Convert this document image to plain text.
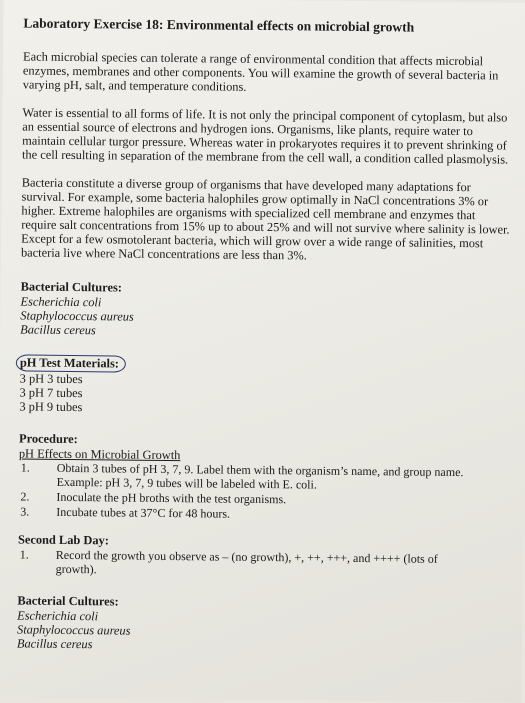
Laboratory Exercise 18: Environmental effects on microbial growth

Each microbial species can tolerate a range of environmental condition that affects microbial enzymes, membranes and other components. You will examine the growth of several bacteria in varying pH, salt, and temperature conditions.

Water is essential to all forms of life. It is not only the principal component of cytoplasm, but also an essential source of electrons and hydrogen ions. Organisms, like plants, require water to maintain cellular turgor pressure. Whereas water in prokaryotes requires it to prevent shrinking of the cell resulting in separation of the membrane from the cell wall, a condition called plasmolysis.

Bacteria constitute a diverse group of organisms that have developed many adaptations for survival. For example, some bacteria halophiles grow optimally in NaCl concentrations 3% or higher. Extreme halophiles are organisms with specialized cell membrane and enzymes that require salt concentrations from 15% up to about 25% and will not survive where salinity is lower. Except for a few osmotolerant bacteria, which will grow over a wide range of salinities, most bacteria live where NaCl concentrations are less than 3%.

Bacterial Cultures:
Escherichia coli
Staphylococcus aureus
Bacillus cereus
pH Test Materials:
3 pH 3 tubes
3 pH 7 tubes
3 pH 9 tubes
Procedure:
pH Effects on Microbial Growth
1.	Obtain 3 tubes of pH 3, 7, 9. Label them with the organism’s name, and group name. Example: pH 3, 7, 9 tubes will be labeled with E. coli.
2.	Inoculate the pH broths with the test organisms.
3.	Incubate tubes at 37°C for 48 hours.
Second Lab Day:
1.	Record the growth you observe as – (no growth), +, ++, +++, and ++++ (lots of growth).
Bacterial Cultures:
Escherichia coli
Staphylococcus aureus
Bacillus cereus
